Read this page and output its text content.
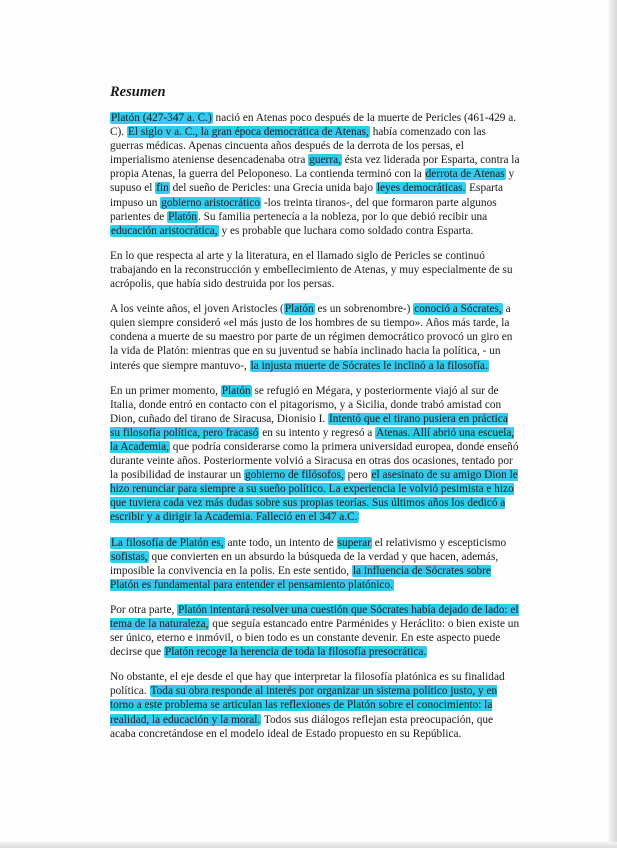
Resumen

Platón (427-347 a. C.) nació en Atenas poco después de la muerte de Pericles (461-429 a. C). El siglo v a. C., la gran época democrática de Atenas, había comenzado con las guerras médicas. Apenas cincuenta años después de la derrota de los persas, el imperialismo ateniense desencadenaba otra guerra, ésta vez liderada por Esparta, contra la propia Atenas, la guerra del Peloponeso. La contienda terminó con la derrota de Atenas y supuso el fin del sueño de Pericles: una Grecia unida bajo leyes democráticas. Esparta impuso un gobierno aristocrático -los treinta tiranos-, del que formaron parte algunos parientes de Platón. Su familia pertenecía a la nobleza, por lo que debió recibir una educación aristocrática, y es probable que luchara como soldado contra Esparta.

En lo que respecta al arte y la literatura, en el llamado siglo de Pericles se continuó trabajando en la reconstrucción y embellecimiento de Atenas, y muy especialmente de su acrópolis, que había sido destruida por los persas.

A los veinte años, el joven Aristocles (Platón es un sobrenombre-) conoció a Sócrates, a quien siempre consideró «el más justo de los hombres de su tiempo». Años más tarde, la condena a muerte de su maestro por parte de un régimen democrático provocó un giro en la vida de Platón: mientras que en su juventud se había inclinado hacia la política, - un interés que siempre mantuvo-, la injusta muerte de Sócrates le inclinó a la filosofía.

En un primer momento, Platón se refugió en Mégara, y posteriormente viajó al sur de Italia, donde entró en contacto con el pitagorismo, y a Sicilia, donde trabó amistad con Dion, cuñado del tirano de Siracusa, Dionisio I. Intentó que el tirano pusiera en práctica su filosofía política, pero fracasó en su intento y regresó a Atenas. Allí abrió una escuela, la Academia, que podría considerarse como la primera universidad europea, donde enseñó durante veinte años. Posteriormente volvió a Siracusa en otras dos ocasiones, tentado por la posibilidad de instaurar un gobierno de filósofos, pero el asesinato de su amigo Dion le hizo renunciar para siempre a su sueño político. La experiencia le volvió pesimista e hizo que tuviera cada vez más dudas sobre sus propias teorías. Sus últimos años los dedicó a escribir y a dirigir la Academia. Falleció en el 347 a.C.

La filosofía de Platón es, ante todo, un intento de superar el relativismo y escepticismo sofistas, que convierten en un absurdo la búsqueda de la verdad y que hacen, además, imposible la convivencia en la polis. En este sentido, la influencia de Sócrates sobre Platón es fundamental para entender el pensamiento platónico.

Por otra parte, Platón intentará resolver una cuestión que Sócrates había dejado de lado: el tema de la naturaleza, que seguía estancado entre Parménides y Heráclito: o bien existe un ser único, eterno e inmóvil, o bien todo es un constante devenir. En este aspecto puede decirse que Platón recoge la herencia de toda la filosofía presocrática.

No obstante, el eje desde el que hay que interpretar la filosofía platónica es su finalidad política. Toda su obra responde al interés por organizar un sistema político justo, y en torno a este problema se articulan las reflexiones de Platón sobre el conocimiento: la realidad, la educación y la moral. Todos sus diálogos reflejan esta preocupación, que acaba concretándose en el modelo ideal de Estado propuesto en su República.
